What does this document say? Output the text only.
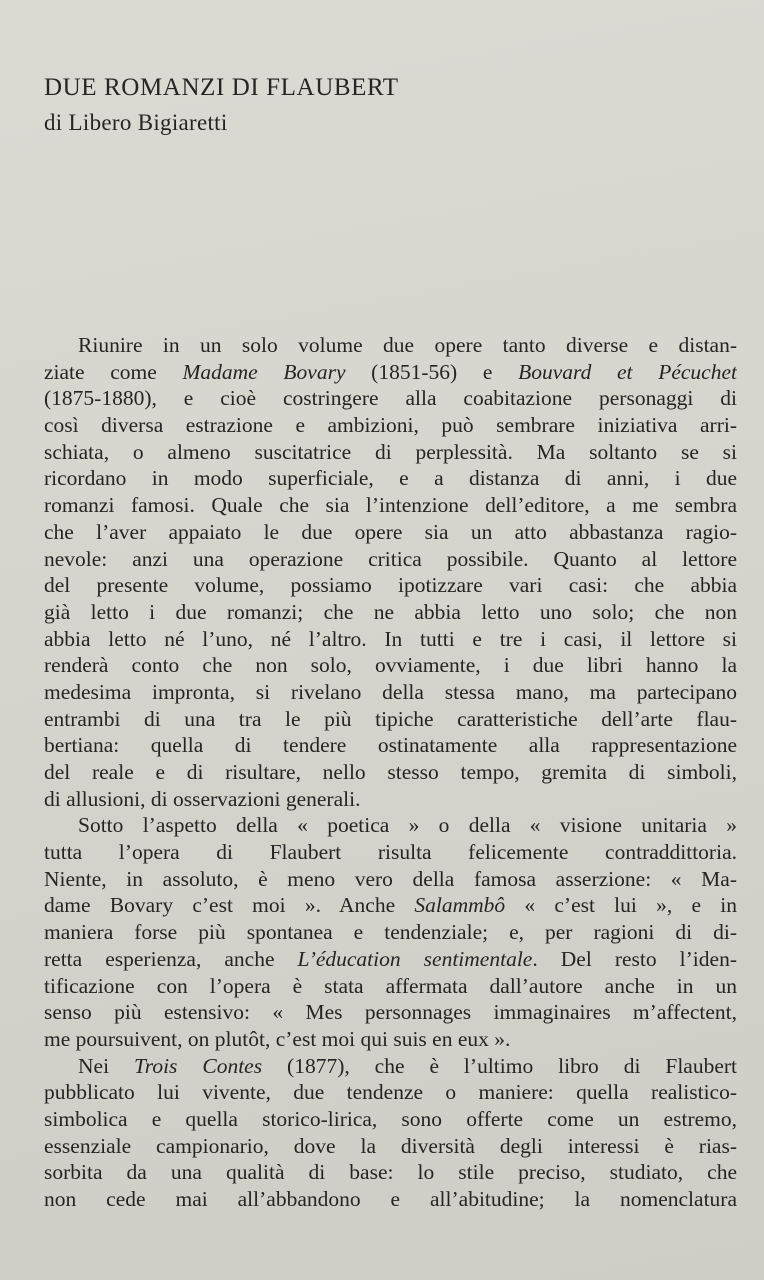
DUE ROMANZI DI FLAUBERT
di Libero Bigiaretti
Riunire in un solo volume due opere tanto diverse e distan-
ziate come Madame Bovary (1851-56) e Bouvard et Pécuchet
(1875-1880), e cioè costringere alla coabitazione personaggi di
così diversa estrazione e ambizioni, può sembrare iniziativa arri-
schiata, o almeno suscitatrice di perplessità. Ma soltanto se si
ricordano in modo superficiale, e a distanza di anni, i due
romanzi famosi. Quale che sia l’intenzione dell’editore, a me sembra
che l’aver appaiato le due opere sia un atto abbastanza ragio-
nevole: anzi una operazione critica possibile. Quanto al lettore
del presente volume, possiamo ipotizzare vari casi: che abbia
già letto i due romanzi; che ne abbia letto uno solo; che non
abbia letto né l’uno, né l’altro. In tutti e tre i casi, il lettore si
renderà conto che non solo, ovviamente, i due libri hanno la
medesima impronta, si rivelano della stessa mano, ma partecipano
entrambi di una tra le più tipiche caratteristiche dell’arte flau-
bertiana: quella di tendere ostinatamente alla rappresentazione
del reale e di risultare, nello stesso tempo, gremita di simboli,
di allusioni, di osservazioni generali.
Sotto l’aspetto della « poetica » o della « visione unitaria »
tutta l’opera di Flaubert risulta felicemente contraddittoria.
Niente, in assoluto, è meno vero della famosa asserzione: « Ma-
dame Bovary c’est moi ». Anche Salammbô « c’est lui », e in
maniera forse più spontanea e tendenziale; e, per ragioni di di-
retta esperienza, anche L’éducation sentimentale. Del resto l’iden-
tificazione con l’opera è stata affermata dall’autore anche in un
senso più estensivo: « Mes personnages immaginaires m’affectent,
me poursuivent, on plutôt, c’est moi qui suis en eux ».
Nei Trois Contes (1877), che è l’ultimo libro di Flaubert
pubblicato lui vivente, due tendenze o maniere: quella realistico-
simbolica e quella storico-lirica, sono offerte come un estremo,
essenziale campionario, dove la diversità degli interessi è rias-
sorbita da una qualità di base: lo stile preciso, studiato, che
non cede mai all’abbandono e all’abitudine; la nomenclatura
